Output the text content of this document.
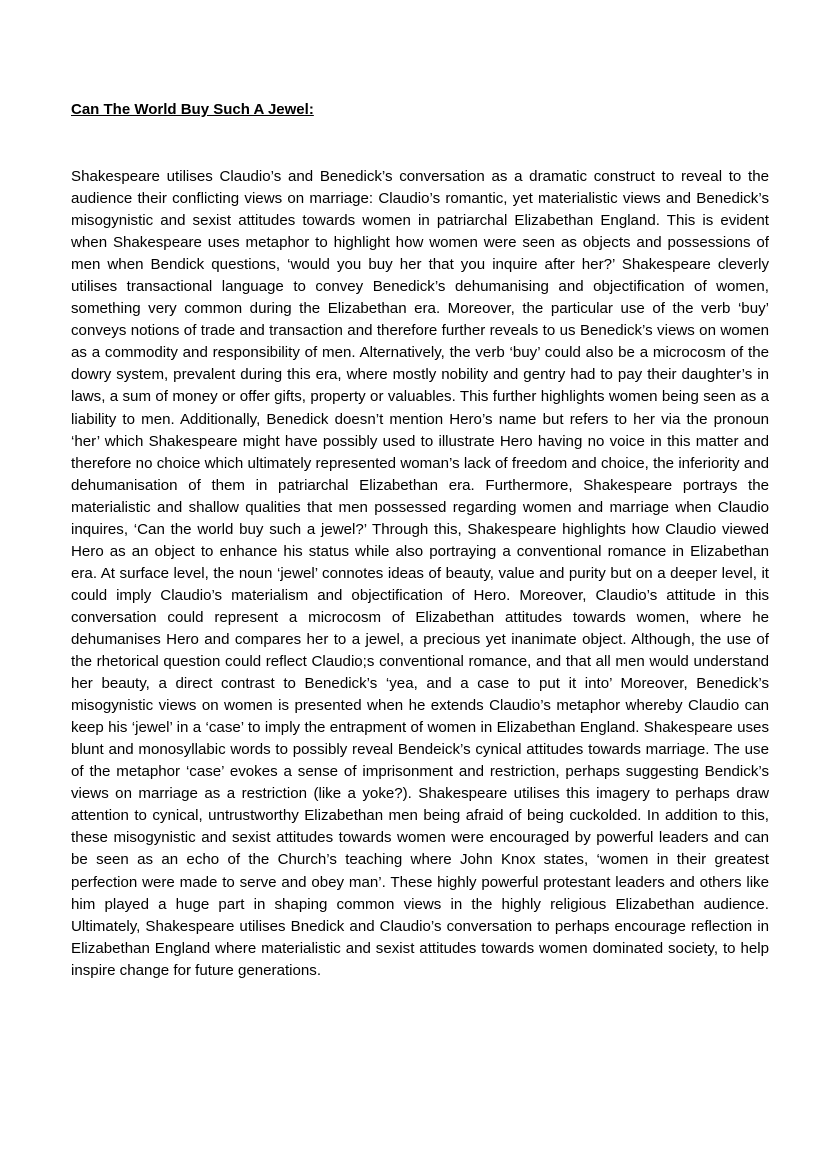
Can The World Buy Such A Jewel:

Shakespeare utilises Claudio’s and Benedick’s conversation as a dramatic construct to reveal to the audience their conflicting views on marriage: Claudio’s romantic, yet materialistic views and Benedick’s misogynistic and sexist attitudes towards women in patriarchal Elizabethan England. This is evident when Shakespeare uses metaphor to highlight how women were seen as objects and possessions of men when Bendick questions, ‘would you buy her that you inquire after her?’ Shakespeare cleverly utilises transactional language to convey Benedick’s dehumanising and objectification of women, something very common during the Elizabethan era. Moreover, the particular use of the verb ‘buy’ conveys notions of trade and transaction and therefore further reveals to us Benedick’s views on women as a commodity and responsibility of men. Alternatively, the verb ‘buy’ could also be a microcosm of the dowry system, prevalent during this era, where mostly nobility and gentry had to pay their daughter’s in laws, a sum of money or offer gifts, property or valuables. This further highlights women being seen as a liability to men. Additionally, Benedick doesn’t mention Hero’s name but refers to her via the pronoun ‘her’ which Shakespeare might have possibly used to illustrate Hero having no voice in this matter and therefore no choice which ultimately represented woman’s lack of freedom and choice, the inferiority and dehumanisation of them in patriarchal Elizabethan era. Furthermore, Shakespeare portrays the materialistic and shallow qualities that men possessed regarding women and marriage when Claudio inquires, ‘Can the world buy such a jewel?’ Through this, Shakespeare highlights how Claudio viewed Hero as an object to enhance his status while also portraying a conventional romance in Elizabethan era. At surface level, the noun ‘jewel’ connotes ideas of beauty, value and purity but on a deeper level, it could imply Claudio’s materialism and objectification of Hero. Moreover, Claudio’s attitude in this conversation could represent a microcosm of Elizabethan attitudes towards women, where he dehumanises Hero and compares her to a jewel, a precious yet inanimate object. Although, the use of the rhetorical question could reflect Claudio;s conventional romance, and that all men would understand her beauty, a direct contrast to Benedick’s ‘yea, and a case to put it into’ Moreover, Benedick’s misogynistic views on women is presented when he extends Claudio’s metaphor whereby Claudio can keep his ‘jewel’ in a ‘case’ to imply the entrapment of women in Elizabethan England. Shakespeare uses blunt and monosyllabic words to possibly reveal Bendeick’s cynical attitudes towards marriage. The use of the metaphor ‘case’ evokes a sense of imprisonment and restriction, perhaps suggesting Bendick’s views on marriage as a restriction (like a yoke?). Shakespeare utilises this imagery to perhaps draw attention to cynical, untrustworthy Elizabethan men being afraid of being cuckolded. In addition to this, these misogynistic and sexist attitudes towards women were encouraged by powerful leaders and can be seen as an echo of the Church’s teaching where John Knox states, ‘women in their greatest perfection were made to serve and obey man’. These highly powerful protestant leaders and others like him played a huge part in shaping common views in the highly religious Elizabethan audience. Ultimately, Shakespeare utilises Bnedick and Claudio’s conversation to perhaps encourage reflection in Elizabethan England where materialistic and sexist attitudes towards women dominated society, to help inspire change for future generations.
